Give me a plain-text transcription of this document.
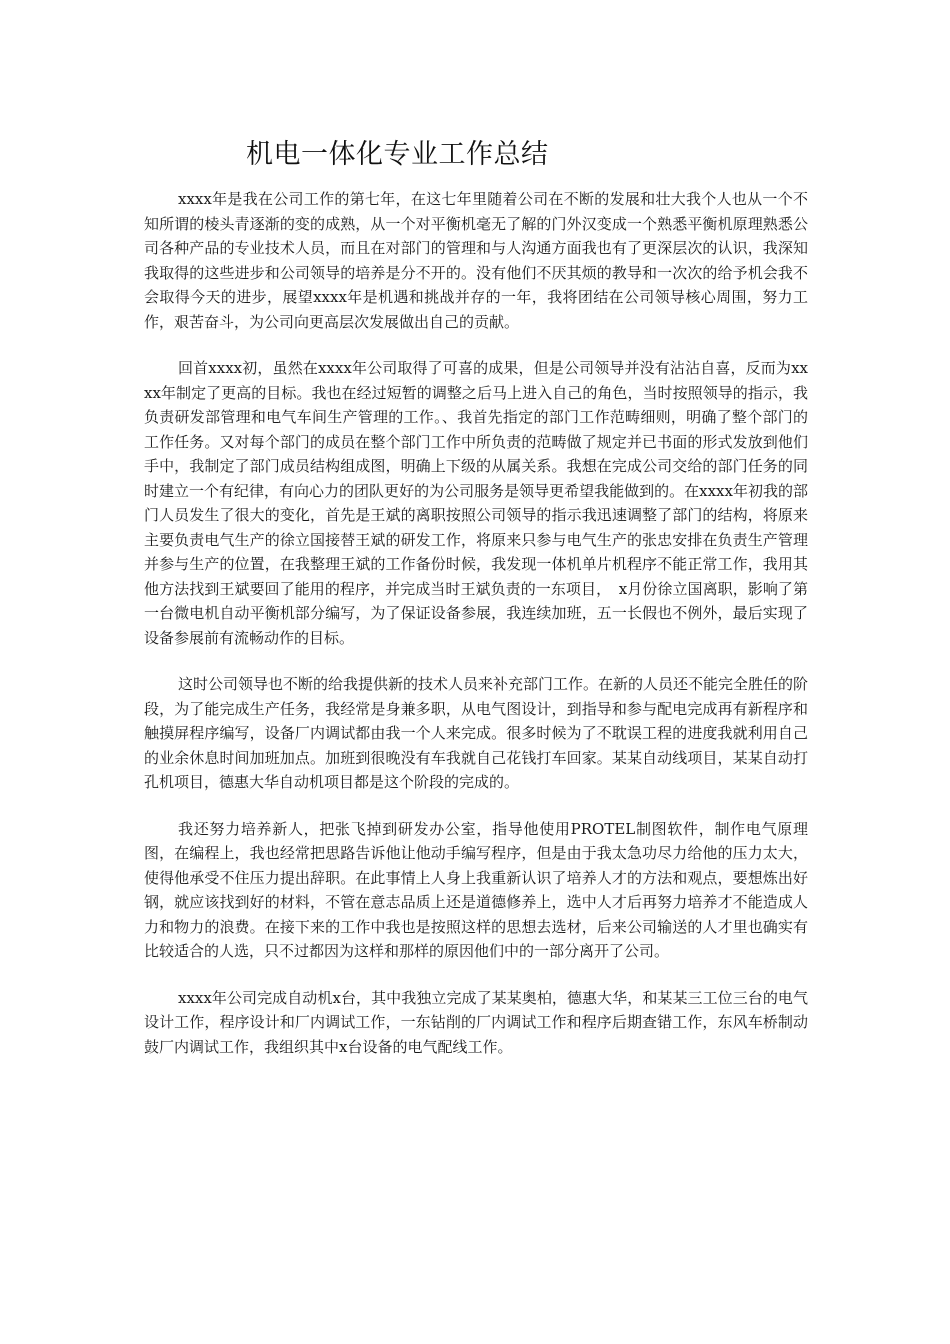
机电一体化专业工作总结

xxxx年是我在公司工作的第七年，在这七年里随着公司在不断的发展和壮大我个人也从一个不知所谓的棱头青逐渐的变的成熟，从一个对平衡机毫无了解的门外汉变成一个熟悉平衡机原理熟悉公司各种产品的专业技术人员，而且在对部门的管理和与人沟通方面我也有了更深层次的认识，我深知我取得的这些进步和公司领导的培养是分不开的。没有他们不厌其烦的教导和一次次的给予机会我不会取得今天的进步，展望xxxx年是机遇和挑战并存的一年，我将团结在公司领导核心周围，努力工作，艰苦奋斗，为公司向更高层次发展做出自己的贡献。

回首xxxx初，虽然在xxxx年公司取得了可喜的成果，但是公司领导并没有沾沾自喜，反而为xxxx年制定了更高的目标。我也在经过短暂的调整之后马上进入自己的角色，当时按照领导的指示，我负责研发部管理和电气车间生产管理的工作。、我首先指定的部门工作范畴细则，明确了整个部门的工作任务。又对每个部门的成员在整个部门工作中所负责的范畴做了规定并已书面的形式发放到他们手中，我制定了部门成员结构组成图，明确上下级的从属关系。我想在完成公司交给的部门任务的同时建立一个有纪律，有向心力的团队更好的为公司服务是领导更希望我能做到的。在xxxx年初我的部门人员发生了很大的变化，首先是王斌的离职按照公司领导的指示我迅速调整了部门的结构，将原来主要负责电气生产的徐立国接替王斌的研发工作，将原来只参与电气生产的张忠安排在负责生产管理并参与生产的位置，在我整理王斌的工作备份时候，我发现一体机单片机程序不能正常工作，我用其他方法找到王斌要回了能用的程序，并完成当时王斌负责的一东项目，　x月份徐立国离职，影响了第一台微电机自动平衡机部分编写，为了保证设备参展，我连续加班，五一长假也不例外，最后实现了设备参展前有流畅动作的目标。

这时公司领导也不断的给我提供新的技术人员来补充部门工作。在新的人员还不能完全胜任的阶段，为了能完成生产任务，我经常是身兼多职，从电气图设计，到指导和参与配电完成再有新程序和触摸屏程序编写，设备厂内调试都由我一个人来完成。很多时候为了不耽误工程的进度我就利用自己的业余休息时间加班加点。加班到很晚没有车我就自己花钱打车回家。某某自动线项目，某某自动打孔机项目，德惠大华自动机项目都是这个阶段的完成的。

我还努力培养新人，把张飞掉到研发办公室，指导他使用PROTEL制图软件，制作电气原理图，在编程上，我也经常把思路告诉他让他动手编写程序，但是由于我太急功尽力给他的压力太大，使得他承受不住压力提出辞职。在此事情上人身上我重新认识了培养人才的方法和观点，要想炼出好钢，就应该找到好的材料，不管在意志品质上还是道德修养上，选中人才后再努力培养才不能造成人力和物力的浪费。在接下来的工作中我也是按照这样的思想去选材，后来公司输送的人才里也确实有比较适合的人选，只不过都因为这样和那样的原因他们中的一部分离开了公司。

xxxx年公司完成自动机x台，其中我独立完成了某某奥柏，德惠大华，和某某三工位三台的电气设计工作，程序设计和厂内调试工作，一东钻削的厂内调试工作和程序后期查错工作，东风车桥制动鼓厂内调试工作，我组织其中x台设备的电气配线工作。
